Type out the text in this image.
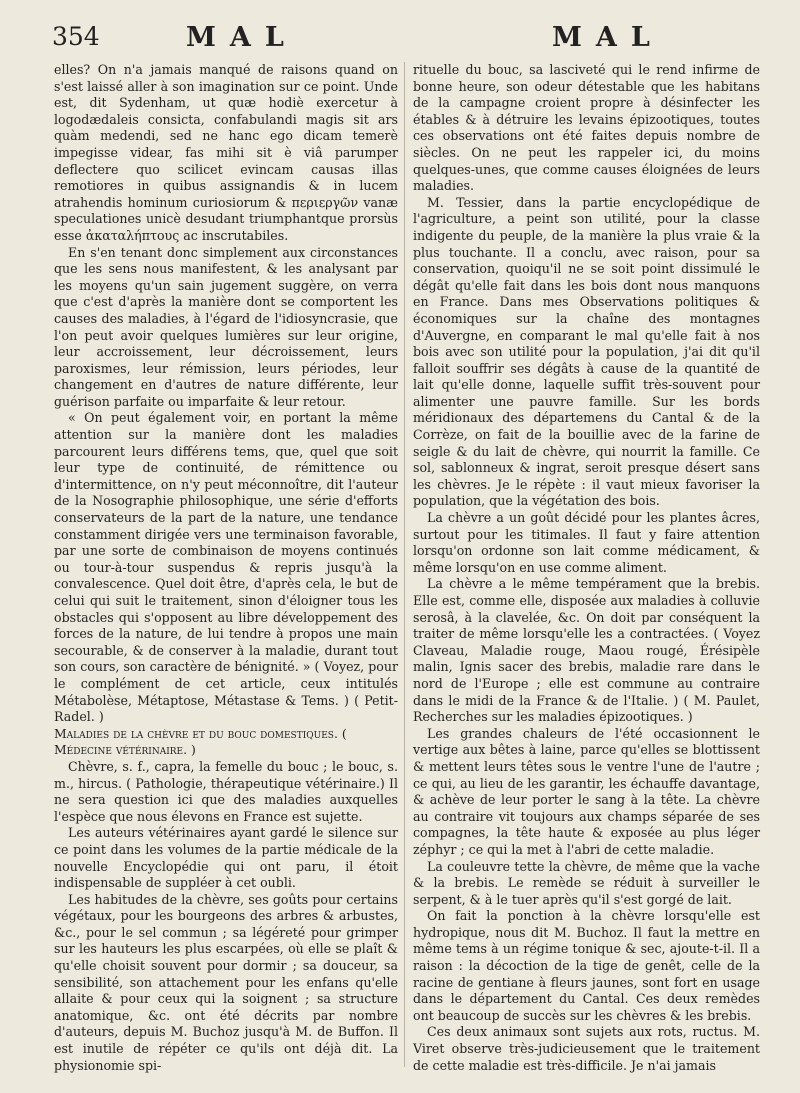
354	MAL	MAL

elles? On n'a jamais manqué de raisons quand on s'est laissé aller à son imagination sur ce point. Unde est, dit Sydenham, ut quæ hodiè exercetur à logodædaleis consicta, confabulandi magis sit ars quàm medendi, sed ne hanc ego dicam temerè impegisse videar, fas mihi sit è viâ parumper deflectere quo scilicet evincam causas illas remotiores in quibus assignandis & in lucem atrahendis hominum curiosiorum & περιεργῶν vanæ speculationes unicè desudant triumphantque prorsùs esse ἀκαταλήπτους ac inscrutabiles.

En s'en tenant donc simplement aux circonstances que les sens nous manifestent, & les analysant par les moyens qu'un sain jugement suggère, on verra que c'est d'après la manière dont se comportent les causes des maladies, à l'égard de l'idiosyncrasie, que l'on peut avoir quelques lumières sur leur origine, leur accroissement, leur décroissement, leurs paroxismes, leur rémission, leurs périodes, leur changement en d'autres de nature différente, leur guérison parfaite ou imparfaite & leur retour.

« On peut également voir, en portant la même attention sur la manière dont les maladies parcourent leurs différens tems, que, quel que soit leur type de continuité, de rémittence ou d'intermittence, on n'y peut méconnoître, dit l'auteur de la Nosographie philosophique, une série d'efforts conservateurs de la part de la nature, une tendance constamment dirigée vers une terminaison favorable, par une sorte de combinaison de moyens continués ou tour-à-tour suspendus & repris jusqu'à la convalescence. Quel doit être, d'après cela, le but de celui qui suit le traitement, sinon d'éloigner tous les obstacles qui s'opposent au libre développement des forces de la nature, de lui tendre à propos une main secourable, & de conserver à la maladie, durant tout son cours, son caractère de bénignité. » ( Voyez, pour le complément de cet article, ceux intitulés Métabolèse, Métaptose, Métastase & Tems. ) ( Petit-Radel. )

Maladies de la chèvre et du bouc domestiques. ( Médecine vétérinaire. )

Chèvre, s. f., capra, la femelle du bouc ; le bouc, s. m., hircus. ( Pathologie, thérapeutique vétérinaire.) Il ne sera question ici que des maladies auxquelles l'espèce que nous élevons en France est sujette.

Les auteurs vétérinaires ayant gardé le silence sur ce point dans les volumes de la partie médicale de la nouvelle Encyclopédie qui ont paru, il étoit indispensable de suppléer à cet oubli.

Les habitudes de la chèvre, ses goûts pour certains végétaux, pour les bourgeons des arbres & arbustes, &c., pour le sel commun ; sa légéreté pour grimper sur les hauteurs les plus escarpées, où elle se plaît & qu'elle choisit souvent pour dormir ; sa douceur, sa sensibilité, son attachement pour les enfans qu'elle allaite & pour ceux qui la soignent ; sa structure anatomique, &c. ont été décrits par nombre d'auteurs, depuis M. Buchoz jusqu'à M. de Buffon. Il est inutile de répéter ce qu'ils ont déjà dit. La physionomie spi-

rituelle du bouc, sa lasciveté qui le rend infirme de bonne heure, son odeur détestable que les habitans de la campagne croient propre à désinfecter les étables & à détruire les levains épizootiques, toutes ces observations ont été faites depuis nombre de siècles. On ne peut les rappeler ici, du moins quelques-unes, que comme causes éloignées de leurs maladies.

M. Tessier, dans la partie encyclopédique de l'agriculture, a peint son utilité, pour la classe indigente du peuple, de la manière la plus vraie & la plus touchante. Il a conclu, avec raison, pour sa conservation, quoiqu'il ne se soit point dissimulé le dégât qu'elle fait dans les bois dont nous manquons en France. Dans mes Observations politiques & économiques sur la chaîne des montagnes d'Auvergne, en comparant le mal qu'elle fait à nos bois avec son utilité pour la population, j'ai dit qu'il falloit souffrir ses dégâts à cause de la quantité de lait qu'elle donne, laquelle suffit très-souvent pour alimenter une pauvre famille. Sur les bords méridionaux des départemens du Cantal & de la Corrèze, on fait de la bouillie avec de la farine de seigle & du lait de chèvre, qui nourrit la famille. Ce sol, sablonneux & ingrat, seroit presque désert sans les chèvres. Je le répète : il vaut mieux favoriser la population, que la végétation des bois.

La chèvre a un goût décidé pour les plantes âcres, surtout pour les titimales. Il faut y faire attention lorsqu'on ordonne son lait comme médicament, & même lorsqu'on en use comme aliment.

La chèvre a le même tempérament que la brebis. Elle est, comme elle, disposée aux maladies à colluvie serosâ, à la clavelée, &c. On doit par conséquent la traiter de même lorsqu'elle les a contractées. ( Voyez Claveau, Maladie rouge, Maou rougé, Érésipèle malin, Ignis sacer des brebis, maladie rare dans le nord de l'Europe ; elle est commune au contraire dans le midi de la France & de l'Italie. ) ( M. Paulet, Recherches sur les maladies épizootiques. )

Les grandes chaleurs de l'été occasionnent le vertige aux bêtes à laine, parce qu'elles se blottissent & mettent leurs têtes sous le ventre l'une de l'autre ; ce qui, au lieu de les garantir, les échauffe davantage, & achève de leur porter le sang à la tête. La chèvre au contraire vit toujours aux champs séparée de ses compagnes, la tête haute & exposée au plus léger zéphyr ; ce qui la met à l'abri de cette maladie.

La couleuvre tette la chèvre, de même que la vache & la brebis. Le remède se réduit à surveiller le serpent, & à le tuer après qu'il s'est gorgé de lait.

On fait la ponction à la chèvre lorsqu'elle est hydropique, nous dit M. Buchoz. Il faut la mettre en même tems à un régime tonique & sec, ajoute-t-il. Il a raison : la décoction de la tige de genêt, celle de la racine de gentiane à fleurs jaunes, sont fort en usage dans le département du Cantal. Ces deux remèdes ont beaucoup de succès sur les chèvres & les brebis.

Ces deux animaux sont sujets aux rots, ructus. M. Viret observe très-judicieusement que le traitement de cette maladie est très-difficile. Je n'ai jamais
